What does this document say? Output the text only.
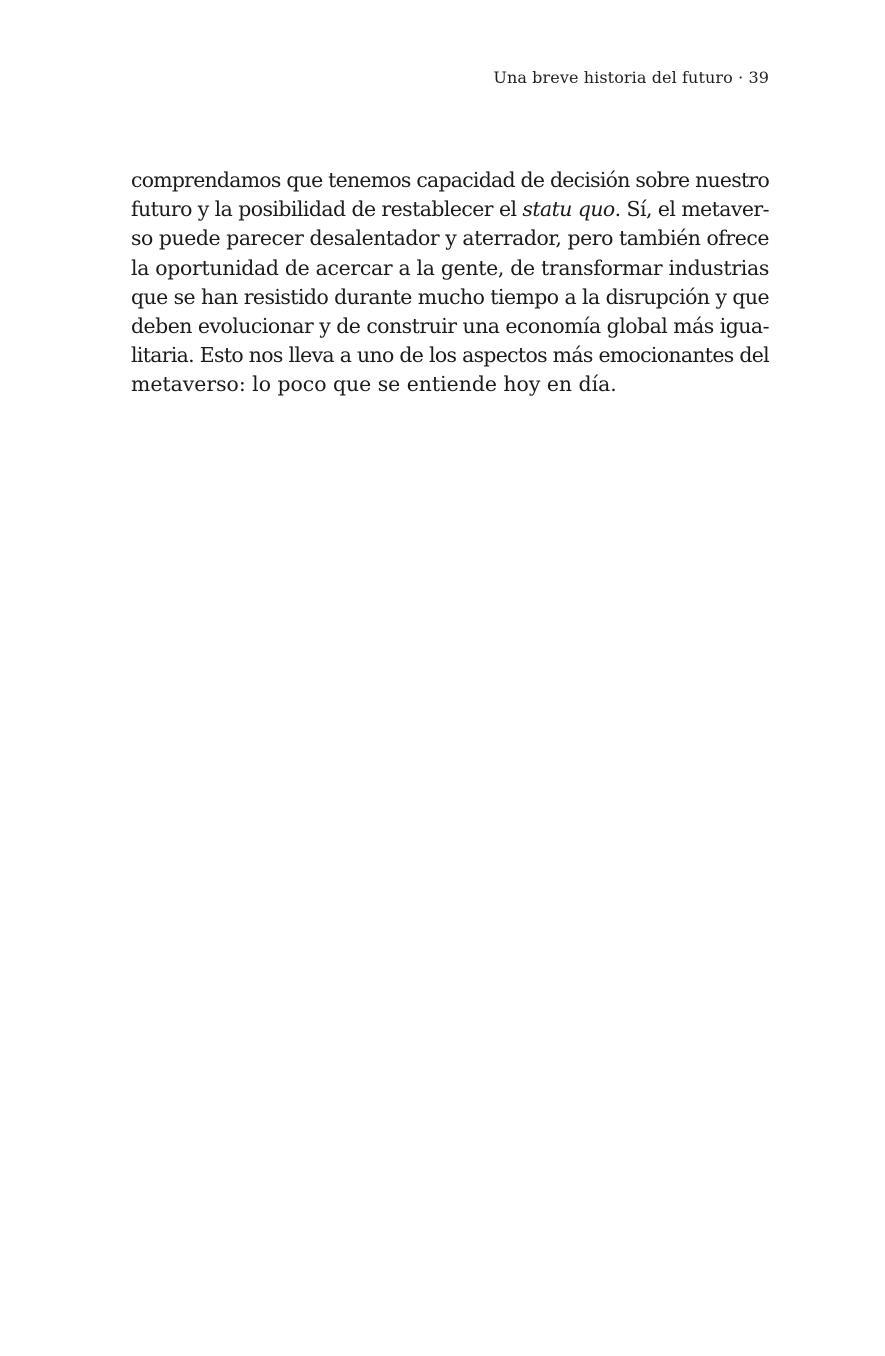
Una breve historia del futuro · 39
comprendamos que tenemos capacidad de decisión sobre nuestro
futuro y la posibilidad de restablecer el statu quo. Sí, el metaver-
so puede parecer desalentador y aterrador, pero también ofrece
la oportunidad de acercar a la gente, de transformar industrias
que se han resistido durante mucho tiempo a la disrupción y que
deben evolucionar y de construir una economía global más igua-
litaria. Esto nos lleva a uno de los aspectos más emocionantes del
metaverso: lo poco que se entiende hoy en día.
